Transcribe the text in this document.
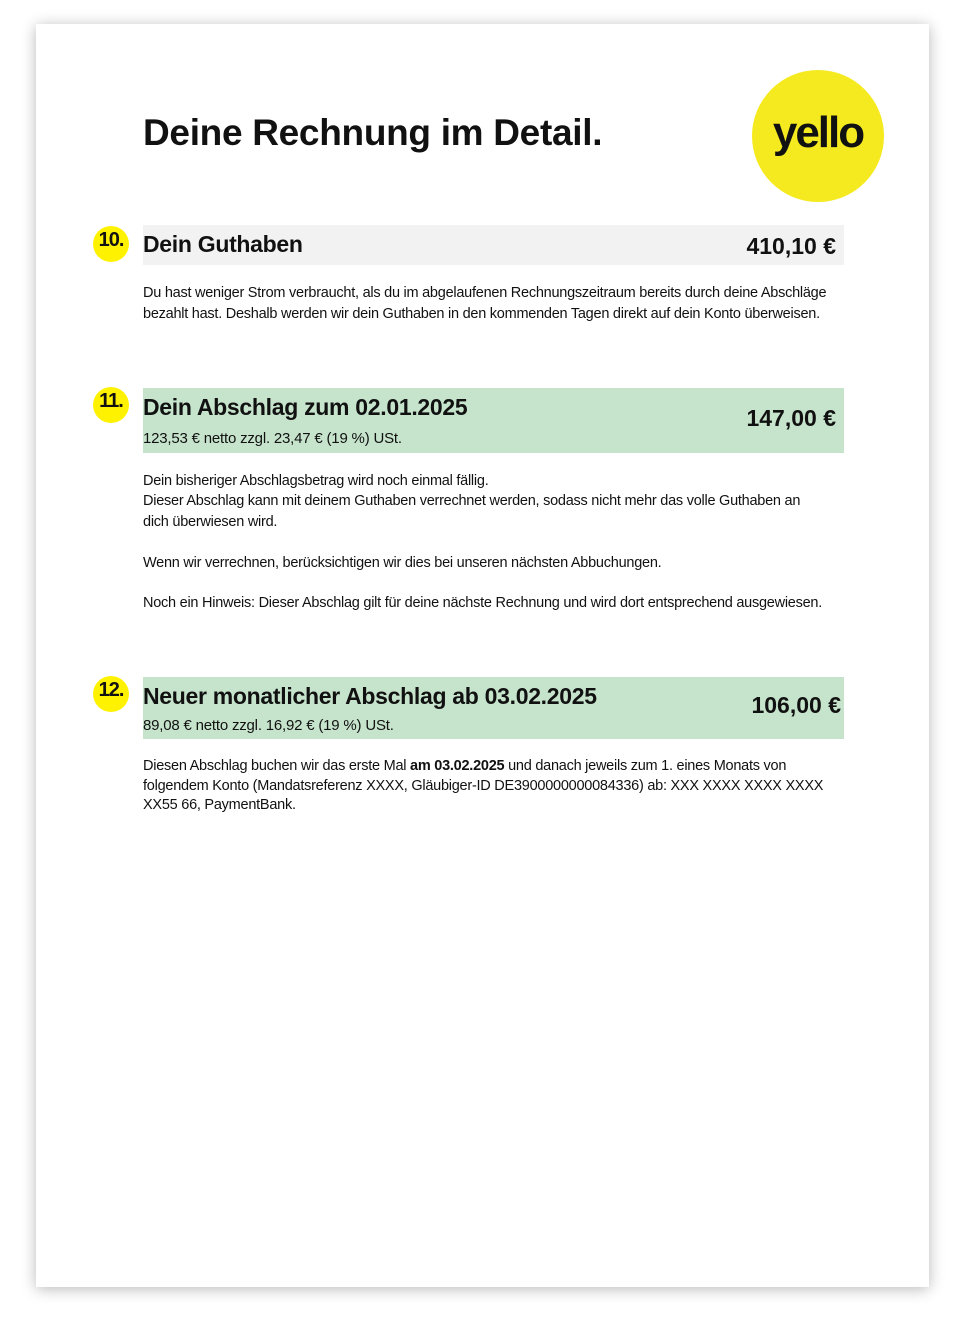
Deine Rechnung im Detail.	yello
10. Dein Guthaben	410,10 €

Du hast weniger Strom verbraucht, als du im abgelaufenen Rechnungszeitraum bereits durch deine Abschläge bezahlt hast. Deshalb werden wir dein Guthaben in den kommenden Tagen direkt auf dein Konto überweisen.

11. Dein Abschlag zum 02.01.2025	147,00 €
123,53 € netto zzgl. 23,47 € (19 %) USt.

Dein bisheriger Abschlagsbetrag wird noch einmal fällig.

Dieser Abschlag kann mit deinem Guthaben verrechnet werden, sodass nicht mehr das volle Guthaben an dich überwiesen wird.

Wenn wir verrechnen, berücksichtigen wir dies bei unseren nächsten Abbuchungen.

Noch ein Hinweis: Dieser Abschlag gilt für deine nächste Rechnung und wird dort entsprechend ausgewiesen.

12. Neuer monatlicher Abschlag ab 03.02.2025	106,00 €
89,08 € netto zzgl. 16,92 € (19 %) USt.

Diesen Abschlag buchen wir das erste Mal am 03.02.2025 und danach jeweils zum 1. eines Monats von folgendem Konto (Mandatsreferenz XXXX, Gläubiger-ID DE3900000000084336) ab: XXX XXXX XXXX XXXX XX55 66, PaymentBank.
